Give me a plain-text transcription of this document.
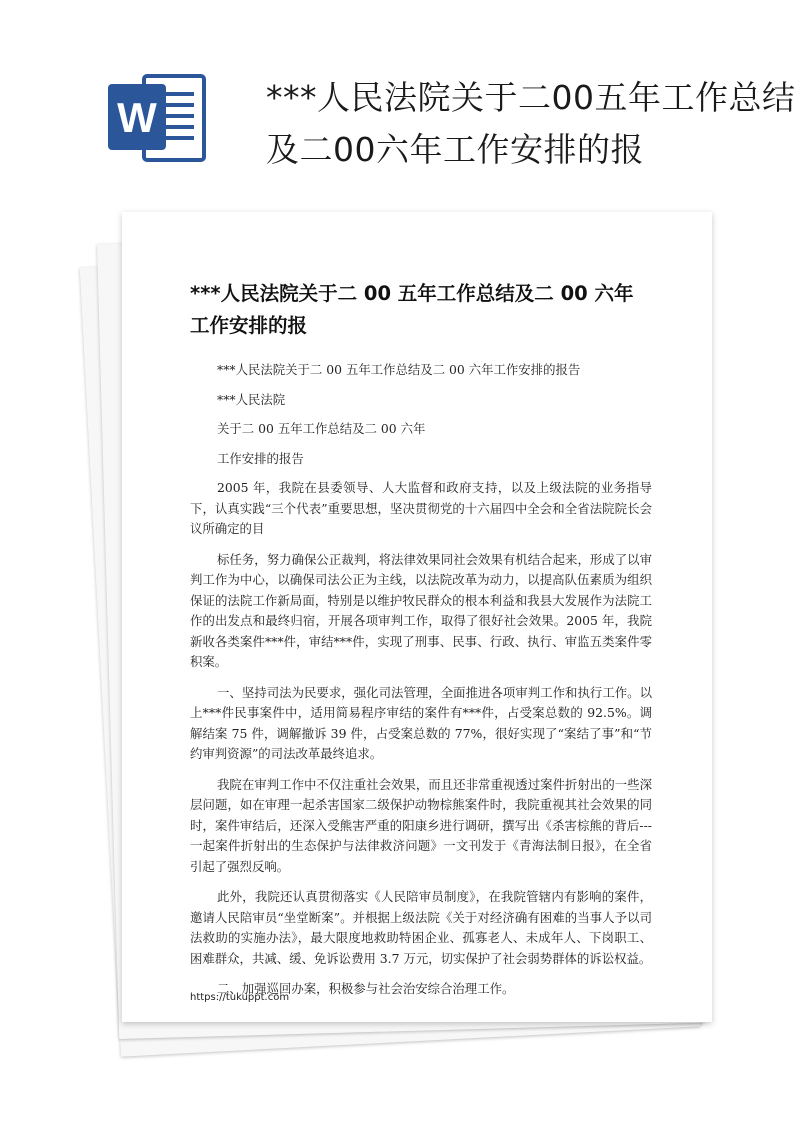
W	***人民法院关于二00五年工作总结及二00六年工作安排的报
***人民法院关于二 00 五年工作总结及二 00 六年工作安排的报

***人民法院关于二 00 五年工作总结及二 00 六年工作安排的报告

***人民法院

关于二 00 五年工作总结及二 00 六年

工作安排的报告

2005 年，我院在县委领导、人大监督和政府支持，以及上级法院的业务指导下，认真实践“三个代表”重要思想，坚决贯彻党的十六届四中全会和全省法院院长会议所确定的目

标任务，努力确保公正裁判，将法律效果同社会效果有机结合起来，形成了以审判工作为中心，以确保司法公正为主线，以法院改革为动力，以提高队伍素质为组织保证的法院工作新局面，特别是以维护牧民群众的根本利益和我县大发展作为法院工作的出发点和最终归宿，开展各项审判工作，取得了很好社会效果。2005 年，我院新收各类案件***件，审结***件，实现了刑事、民事、行政、执行、审监五类案件零积案。

一、坚持司法为民要求，强化司法管理，全面推进各项审判工作和执行工作。以上***件民事案件中，适用简易程序审结的案件有***件，占受案总数的 92.5%。调解结案 75 件，调解撤诉 39 件，占受案总数的 77%，很好实现了“案结了事”和“节约审判资源”的司法改革最终追求。

我院在审判工作中不仅注重社会效果，而且还非常重视透过案件折射出的一些深层问题，如在审理一起杀害国家二级保护动物棕熊案件时，我院重视其社会效果的同时，案件审结后，还深入受熊害严重的阳康乡进行调研，撰写出《杀害棕熊的背后---一起案件折射出的生态保护与法律救济问题》一文刊发于《青海法制日报》，在全省引起了强烈反响。

此外，我院还认真贯彻落实《人民陪审员制度》，在我院管辖内有影响的案件，邀请人民陪审员“坐堂断案”。并根据上级法院《关于对经济确有困难的当事人予以司法救助的实施办法》，最大限度地救助特困企业、孤寡老人、未成年人、下岗职工、困难群众，共减、缓、免诉讼费用 3.7 万元，切实保护了社会弱势群体的诉讼权益。

二、加强巡回办案，积极参与社会治安综合治理工作。

https://tukuppt.com
